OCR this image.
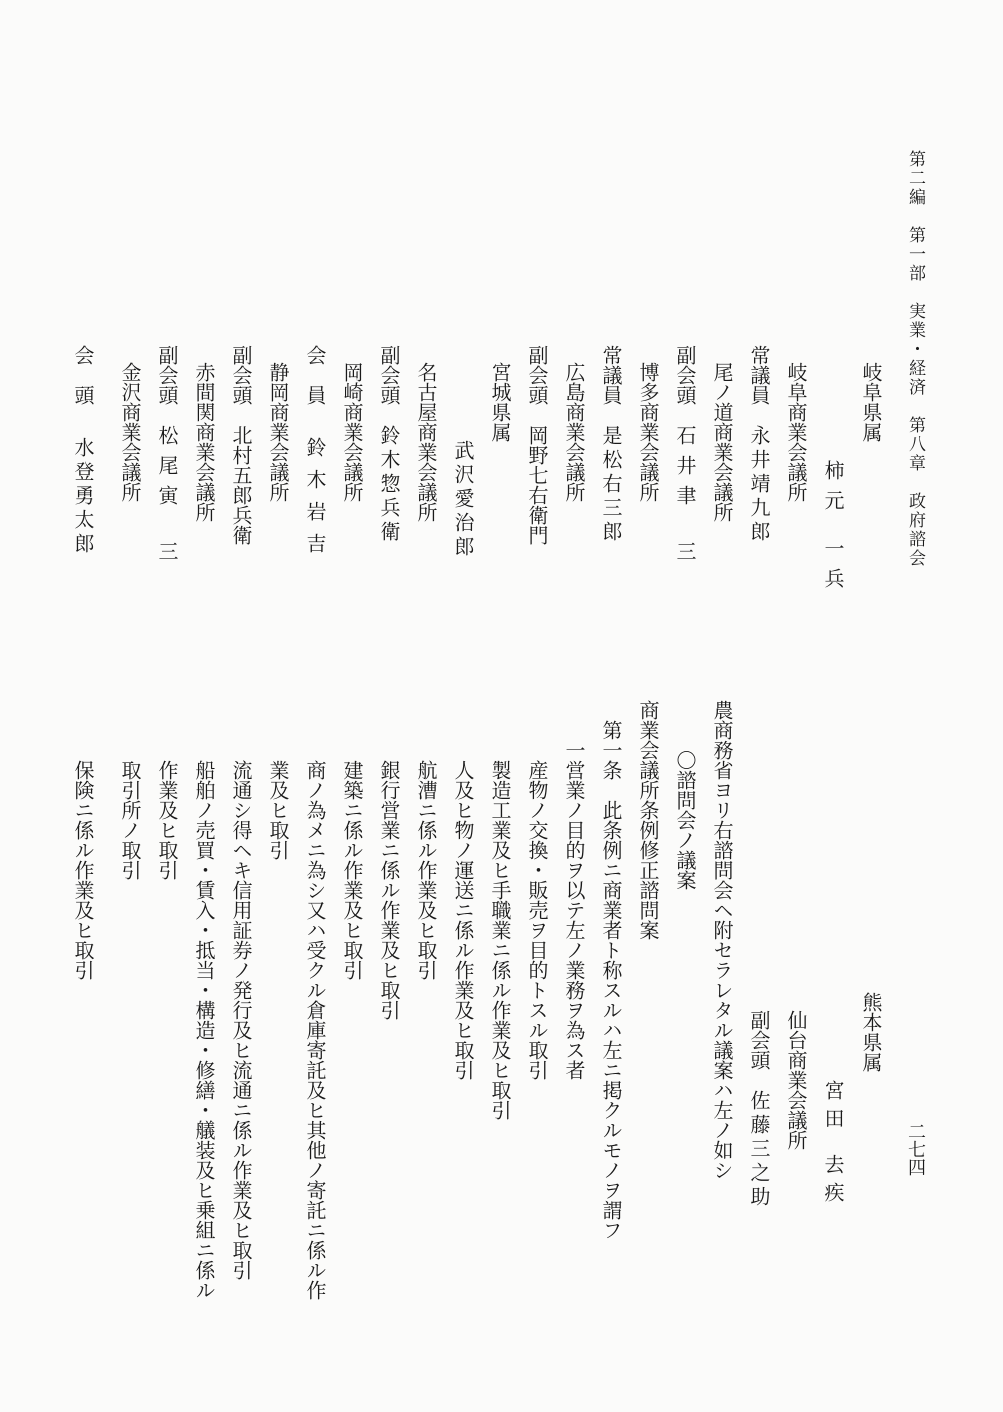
第二編　第一部　実業・経済　第八章　政府諮会
二七四
岐阜県属
柿元一兵
岐阜商業会議所
常議員永井靖九郎
尾ノ道商業会議所
副会頭石井聿三
博多商業会議所
常議員是松右三郎
広島商業会議所
副会頭岡野七右衛門
宮城県属
武沢愛治郎
名古屋商業会議所
副会頭鈴木惣兵衛
岡崎商業会議所
会員鈴木岩吉
静岡商業会議所
副会頭北村五郎兵衛
赤間関商業会議所
副会頭松尾寅三
金沢商業会議所
会頭水登勇太郎
熊本県属
宮田去疾
仙台商業会議所
副会頭佐藤三之助
農商務省ヨリ右諮問会ヘ附セラレタル議案ハ左ノ如シ
〇諮問会ノ議案
商業会議所条例修正諮問案
第一条　此条例ニ商業者ト称スルハ左ニ掲クルモノヲ謂フ
一営業ノ目的ヲ以テ左ノ業務ヲ為ス者
産物ノ交換・販売ヲ目的トスル取引
製造工業及ヒ手職業ニ係ル作業及ヒ取引
人及ヒ物ノ運送ニ係ル作業及ヒ取引
航漕ニ係ル作業及ヒ取引
銀行営業ニ係ル作業及ヒ取引
建築ニ係ル作業及ヒ取引
商ノ為メニ為シ又ハ受クル倉庫寄託及ヒ其他ノ寄託ニ係ル作
業及ヒ取引
流通シ得ヘキ信用証券ノ発行及ヒ流通ニ係ル作業及ヒ取引
船舶ノ売買・賃入・抵当・構造・修繕・艤装及ヒ乗組ニ係ル
作業及ヒ取引
取引所ノ取引
保険ニ係ル作業及ヒ取引
